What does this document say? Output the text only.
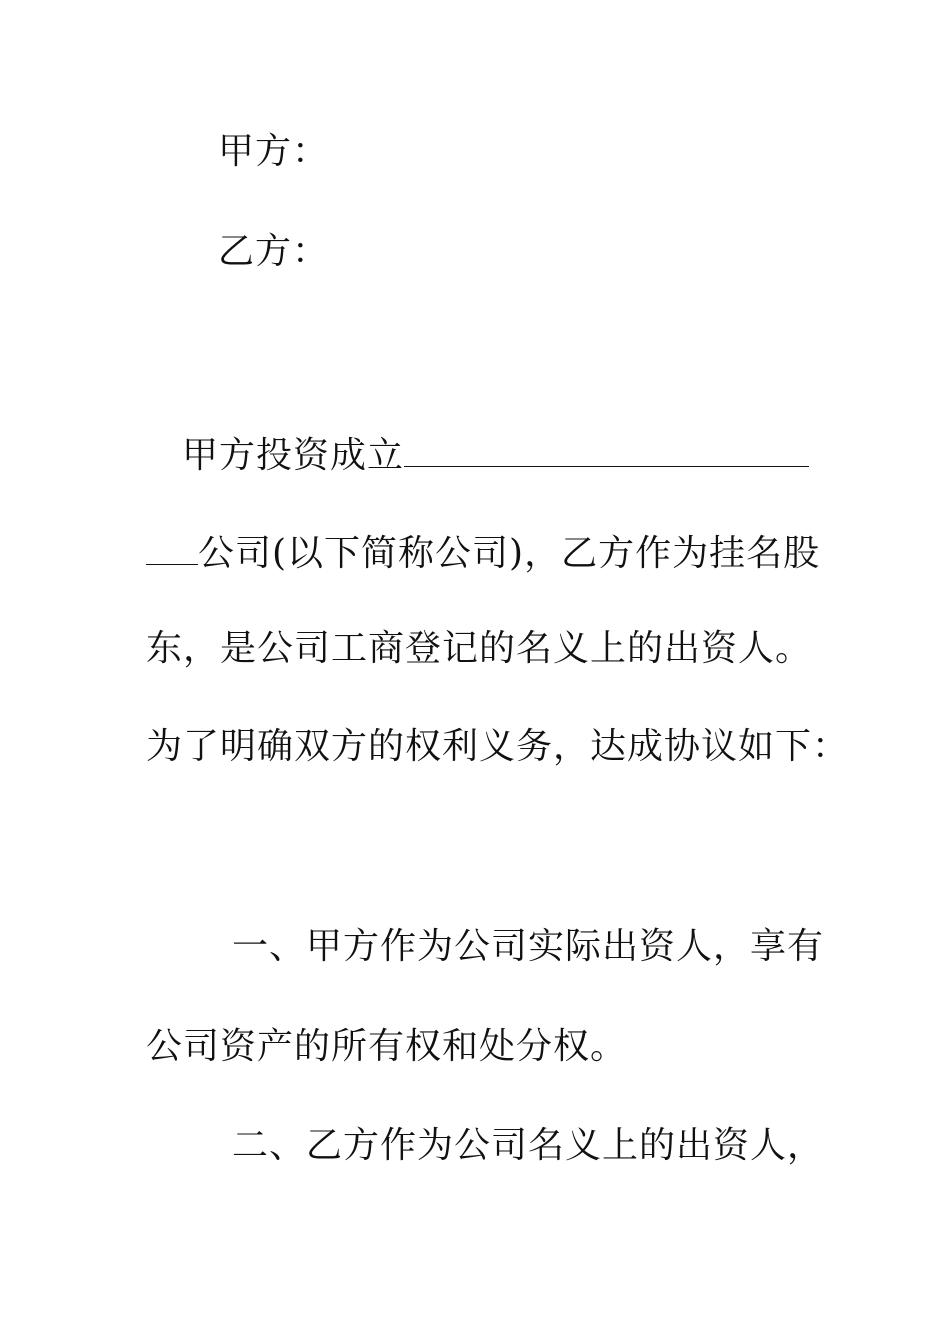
甲方：
乙方：
甲方投资成立
公司(以下简称公司)，乙方作为挂名股
东，是公司工商登记的名义上的出资人。
为了明确双方的权利义务，达成协议如下：
一、甲方作为公司实际出资人，享有
公司资产的所有权和处分权。
二、乙方作为公司名义上的出资人，
